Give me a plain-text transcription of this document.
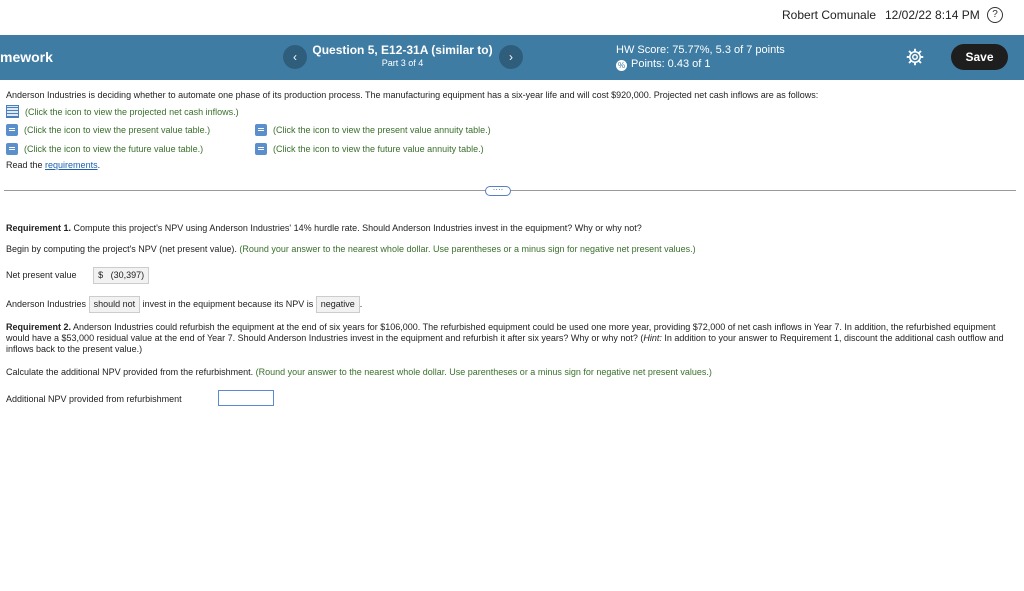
Robert Comunale 12/02/22 8:14 PM	?
mework	‹	Question 5, E12-31A (similar to)
Part 3 of 4	›	HW Score: 75.77%, 5.3 of 7 points
% Points: 0.43 of 1	Save
Anderson Industries is deciding whether to automate one phase of its production process. The manufacturing equipment has a six-year life and will cost $920,000. Projected net cash inflows are as follows:
(Click the icon to view the projected net cash inflows.)
(Click the icon to view the present value table.)	(Click the icon to view the present value annuity table.)
(Click the icon to view the future value table.)	(Click the icon to view the future value annuity table.)
Read the requirements.
····
Requirement 1. Compute this project's NPV using Anderson Industries' 14% hurdle rate. Should Anderson Industries invest in the equipment? Why or why not?
Begin by computing the project's NPV (net present value). (Round your answer to the nearest whole dollar. Use parentheses or a minus sign for negative net present values.)
Net present value $ (30,397)
Anderson Industries should not invest in the equipment because its NPV is negative .
Requirement 2. Anderson Industries could refurbish the equipment at the end of six years for $106,000. The refurbished equipment could be used one more year, providing $72,000 of net cash inflows in Year 7. In addition, the refurbished equipment would have a $53,000 residual value at the end of Year 7. Should Anderson Industries invest in the equipment and refurbish it after six years? Why or why not? (Hint: In addition to your answer to Requirement 1, discount the additional cash outflow and inflows back to the present value.)
Calculate the additional NPV provided from the refurbishment. (Round your answer to the nearest whole dollar. Use parentheses or a minus sign for negative net present values.)
Additional NPV provided from refurbishment
